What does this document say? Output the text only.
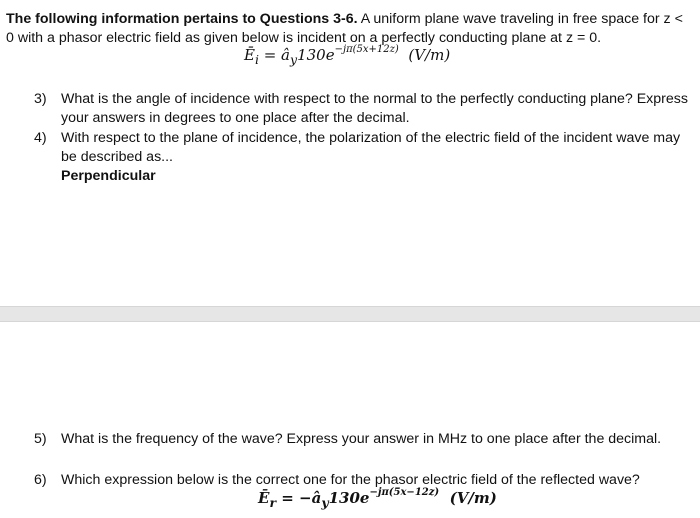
The following information pertains to Questions 3-6. A uniform plane wave traveling in free space for z < 0 with a phasor electric field as given below is incident on a perfectly conducting plane at z = 0.
$Ē_i$ = $â_y130e^{-j\pi(5x+12z)}$ (V/m)
3)	What is the angle of incidence with respect to the normal to the perfectly conducting plane? Express your answers in degrees to one place after the decimal.
4)	With respect to the plane of incidence, the polarization of the electric field of the incident wave may be described as...
Perpendicular
5)	What is the frequency of the wave? Express your answer in MHz to one place after the decimal.
6)	Which expression below is the correct one for the phasor electric field of the reflected wave?
$Ē_r$ = $-â_y130e^{-j\pi(5x-12z)}$ (V/m)
